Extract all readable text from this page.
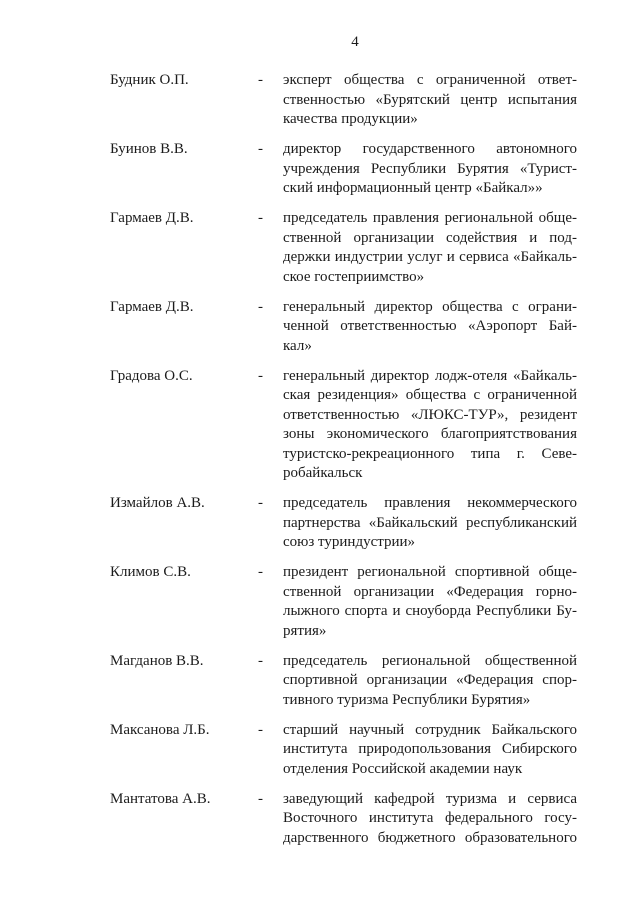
4
Будник О.П.	-	эксперт общества с ограниченной ответ-
ственностью «Бурятский центр испытания
качества продукции»
Буинов В.В.	-	директор государственного автономного
учреждения Республики Бурятия «Турист-
ский информационный центр «Байкал»»
Гармаев Д.В.	-	председатель правления региональной обще-
ственной организации содействия и под-
держки индустрии услуг и сервиса «Байкаль-
ское гостеприимство»
Гармаев Д.В.	-	генеральный директор общества с ограни-
ченной ответственностью «Аэропорт Бай-
кал»
Градова О.С.	-	генеральный директор лодж-отеля «Байкаль-
ская резиденция» общества с ограниченной
ответственностью «ЛЮКС-ТУР», резидент
зоны экономического благоприятствования
туристско-рекреационного типа г. Севе-
робайкальск
Измайлов А.В.	-	председатель правления некоммерческого
партнерства «Байкальский республиканский
союз туриндустрии»
Климов С.В.	-	президент региональной спортивной обще-
ственной организации «Федерация горно-
лыжного спорта и сноуборда Республики Бу-
рятия»
Магданов В.В.	-	председатель региональной общественной
спортивной организации «Федерация спор-
тивного туризма Республики Бурятия»
Максанова Л.Б.	-	старший научный сотрудник Байкальского
института природопользования Сибирского
отделения Российской академии наук
Мантатова А.В.	-	заведующий кафедрой туризма и сервиса
Восточного института федерального госу-
дарственного бюджетного образовательного
